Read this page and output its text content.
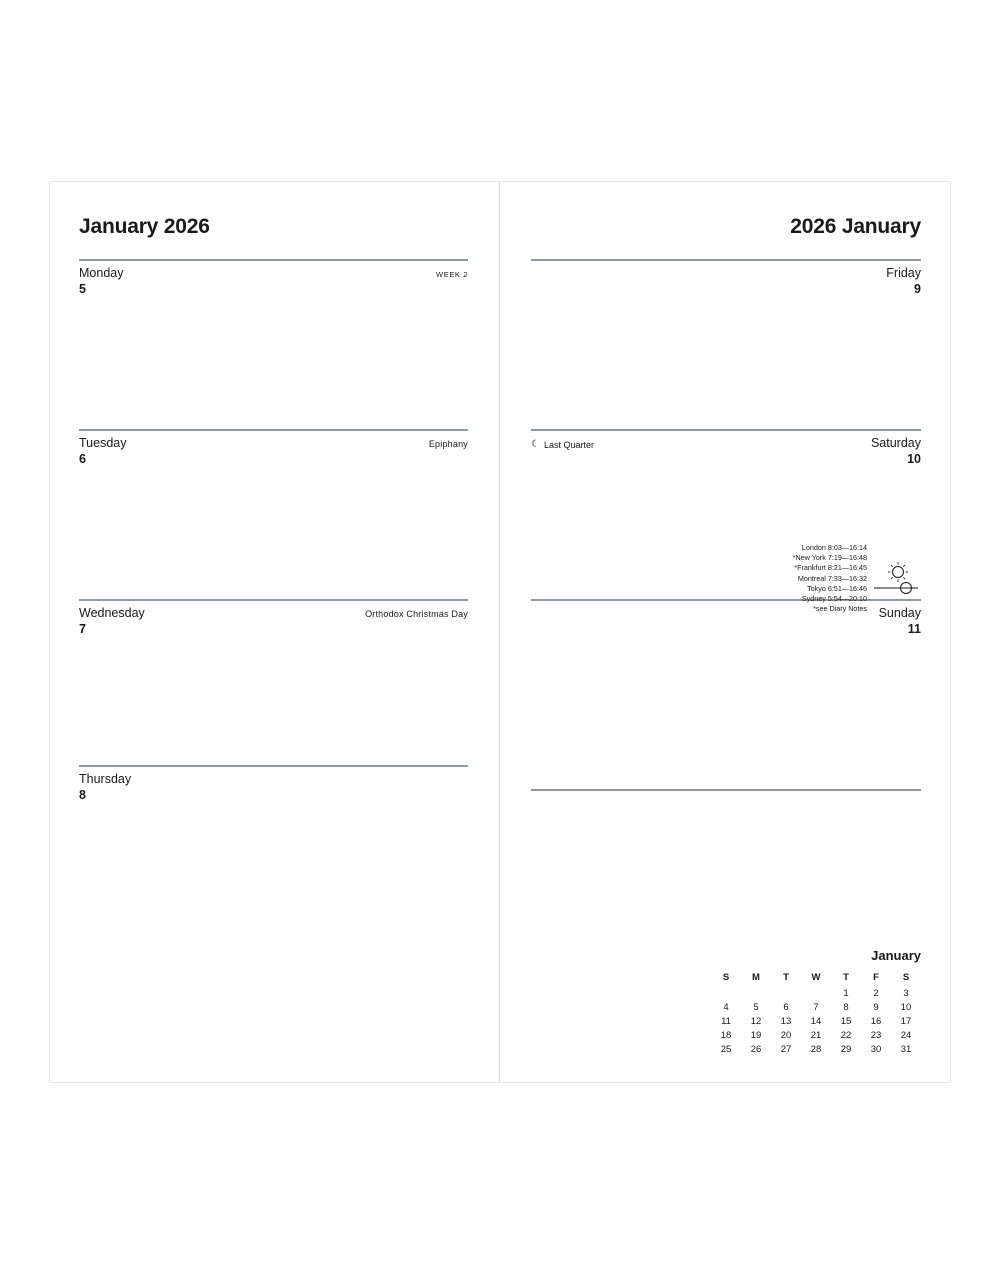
January 2026
Monday	WEEK 2
5
Tuesday	Epiphany
6
Wednesday	Orthodox Christmas Day
7
Thursday
8
2026 January
Friday
9
☾ Last Quarter	Saturday
10
London 8:03—16:14
*New York 7:19—16:48
*Frankfurt 8:21—16:45
Montreal 7:33—16:32
Tokyo 6:51—16:46
Sydney 5:54—20:10
*see Diary Notes Sunday
11
January
S	M	T	W	T	F	S
				1	2	3
4	5	6	7	8	9	10
11	12	13	14	15	16	17
18	19	20	21	22	23	24
25	26	27	28	29	30	31
